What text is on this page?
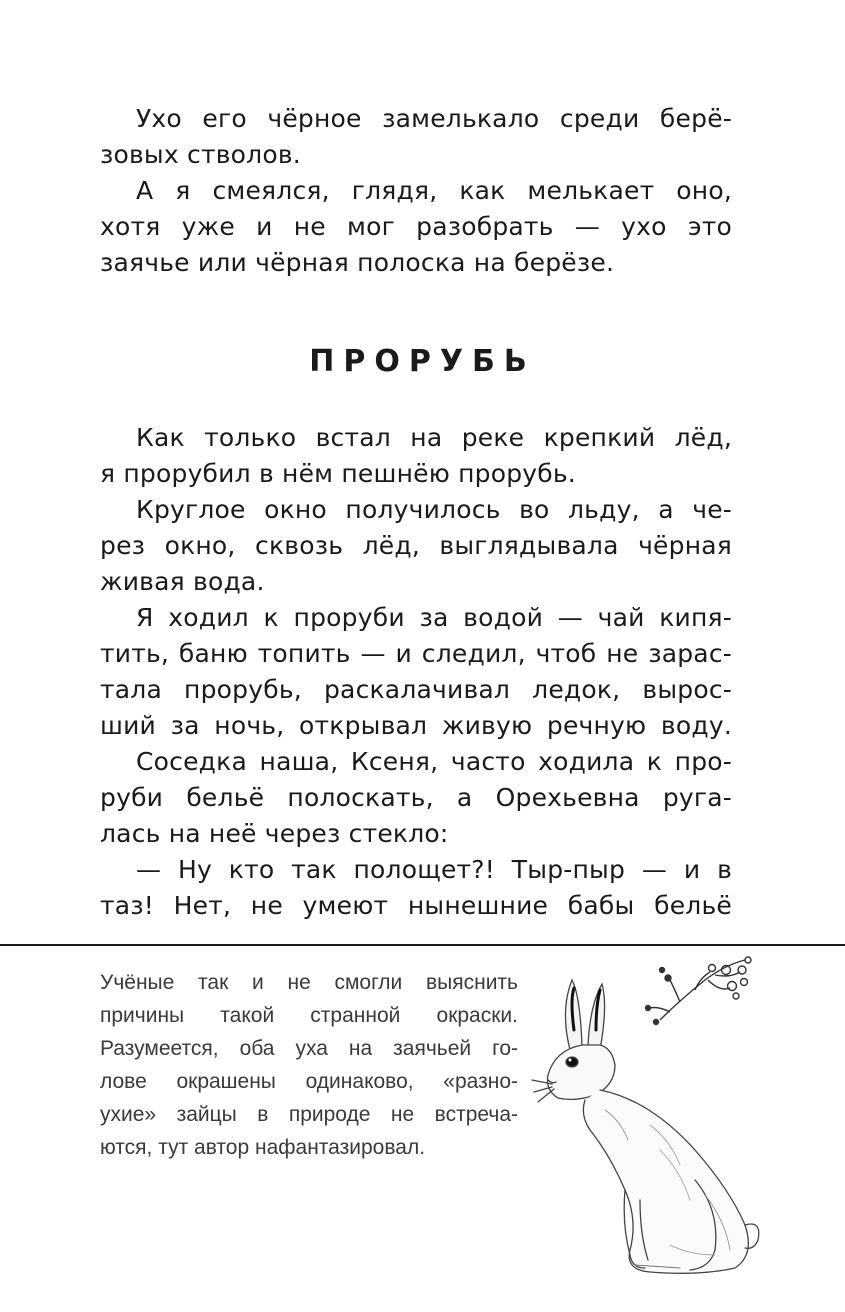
Ухо его чёрное замелькало среди берё-
зовых стволов.
А я смеялся, глядя, как мелькает оно,
хотя уже и не мог разобрать — ухо это
заячье или чёрная полоска на берёзе.
ПРОРУБЬ
Как только встал на реке крепкий лёд,
я прорубил в нём пешнёю прорубь.
Круглое окно получилось во льду, а че-
рез окно, сквозь лёд, выглядывала чёрная
живая вода.
Я ходил к проруби за водой — чай кипя-
тить, баню топить — и следил, чтоб не зарас-
тала прорубь, раскалачивал ледок, вырос-
ший за ночь, открывал живую речную воду.
Соседка наша, Ксеня, часто ходила к про-
руби бельё полоскать, а Орехьевна руга-
лась на неё через стекло:
— Ну кто так полощет?! Тыр-пыр — и в
таз! Нет, не умеют нынешние бабы бельё
Учёные так и не смогли выяснить
причины такой странной окраски.
Разумеется, оба уха на заячьей го-
лове окрашены одинаково, «разно-
ухие» зайцы в природе не встреча-
ются, тут автор нафантазировал.
